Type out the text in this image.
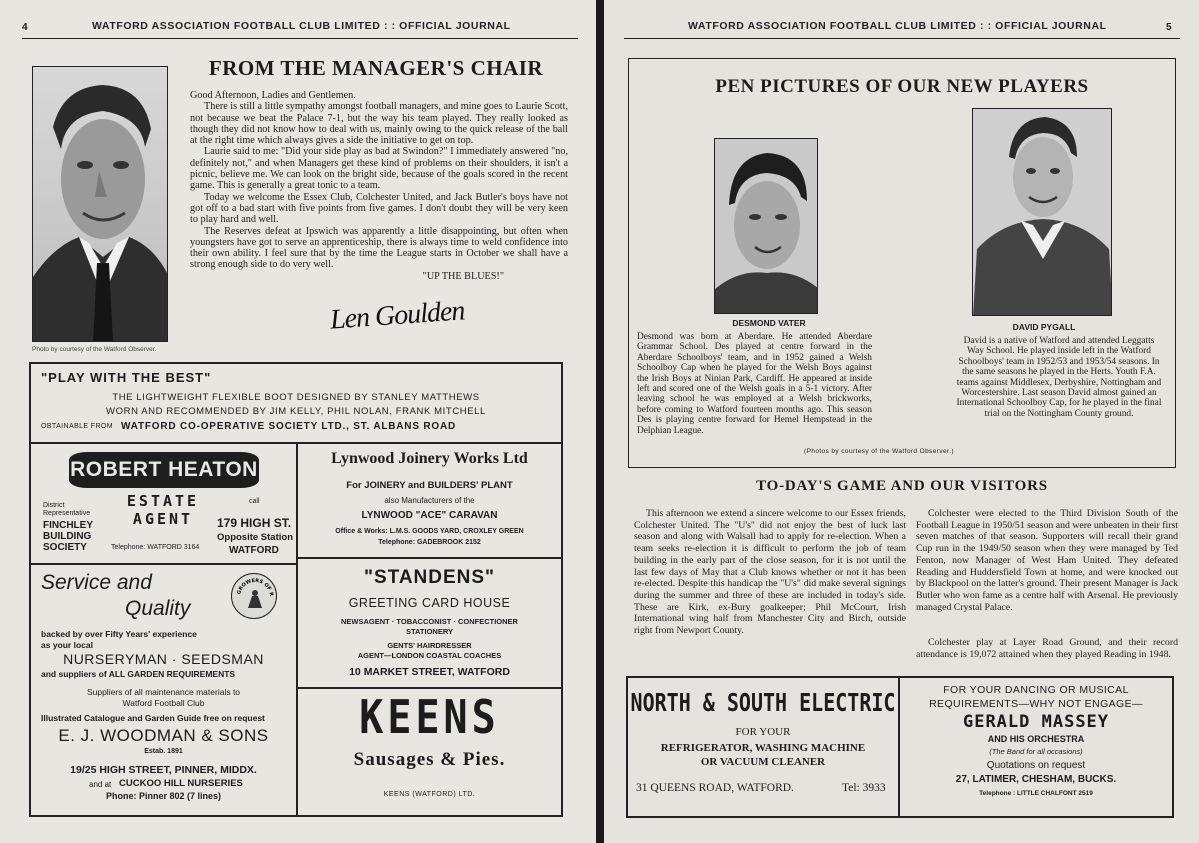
4	WATFORD ASSOCIATION FOOTBALL CLUB LIMITED : : OFFICIAL JOURNAL
Photo by courtesy of the Watford Observer.
FROM THE MANAGER'S CHAIR
Good Afternoon, Ladies and Gentlemen.

There is still a little sympathy amongst football managers, and mine goes to Laurie Scott, not because we beat the Palace 7-1, but the way his team played. They really looked as though they did not know how to deal with us, mainly owing to the quick release of the ball at the right time which always gives a side the initiative to get on top.

Laurie said to me: "Did your side play as bad at Swindon?" I immediately answered "no, definitely not," and when Managers get these kind of problems on their shoulders, it isn't a picnic, believe me. We can look on the bright side, because of the goals scored in the recent game. This is generally a great tonic to a team.

Today we welcome the Essex Club, Colchester United, and Jack Butler's boys have not got off to a bad start with five points from five games. I don't doubt they will be very keen to play hard and well.

The Reserves defeat at Ipswich was apparently a little disappointing, but often when youngsters have got to serve an apprenticeship, there is always time to weld confidence into their own ability. I feel sure that by the time the League starts in October we shall have a strong enough side to do very well.

"UP THE BLUES!"
Len Goulden
"PLAY WITH THE BEST"
THE LIGHTWEIGHT FLEXIBLE BOOT DESIGNED BY STANLEY MATTHEWS
WORN AND RECOMMENDED BY JIM KELLY, PHIL NOLAN, FRANK MITCHELL
OBTAINABLE FROM WATFORD CO-OPERATIVE SOCIETY LTD., ST. ALBANS ROAD
ROBERT HEATON
ESTATE
AGENT
District
Representative
FINCHLEY
BUILDING
SOCIETY
call
179 HIGH ST.
Opposite Station
WATFORD
Telephone: WATFORD 3164
Lynwood Joinery Works Ltd
For JOINERY and BUILDERS' PLANT
also Manufacturers of the
LYNWOOD "ACE" CARAVAN
Office & Works: L.M.S. GOODS YARD, CROXLEY GREEN
Telephone: GADEBROOK 2152
Service and
Quality
GROWERS OF R
backed by over Fifty Years' experience
as your local
NURSERYMAN · SEEDSMAN
and suppliers of ALL GARDEN REQUIREMENTS
Suppliers of all maintenance materials to
Watford Football Club
Illustrated Catalogue and Garden Guide free on request
E. J. WOODMAN & SONS
Estab. 1891
19/25 HIGH STREET, PINNER, MIDDX.
and at CUCKOO HILL NURSERIES
Phone: Pinner 802 (7 lines)
"STANDENS"
GREETING CARD HOUSE
NEWSAGENT · TOBACCONIST · CONFECTIONER
STATIONERY
GENTS' HAIRDRESSER
AGENT—LONDON COASTAL COACHES
10 MARKET STREET, WATFORD
KEENS
Sausages & Pies.
KEENS (WATFORD) LTD.
WATFORD ASSOCIATION FOOTBALL CLUB LIMITED : : OFFICIAL JOURNAL	5
PEN PICTURES OF OUR NEW PLAYERS
DESMOND VATER	DAVID PYGALL
Desmond was born at Aberdare. He attended Aberdare Grammar School. Des played at centre forward in the Aberdare Schoolboys' team, and in 1952 gained a Welsh Schoolboy Cap when he played for the Welsh Boys against the Irish Boys at Ninian Park, Cardiff. He appeared at inside left and scored one of the Welsh goals in a 5-1 victory. After leaving school he was employed at a Welsh brickworks, before coming to Watford fourteen months ago. This season Des is playing centre forward for Hemel Hempstead in the Delphian League.
David is a native of Watford and attended Leggatts Way School. He played inside left in the Watford Schoolboys' team in 1952/53 and 1953/54 seasons. In the same seasons he played in the Herts. Youth F.A. teams against Middlesex, Derbyshire, Nottingham and Worcestershire. Last season David almost gained an International Schoolboy Cap, for he played in the final trial on the Nottingham County ground.
(Photos by courtesy of the Watford Observer.)
TO-DAY'S GAME AND OUR VISITORS
This afternoon we extend a sincere welcome to our Essex friends, Colchester United. The "U's" did not enjoy the best of luck last season and along with Walsall had to apply for re-election. When a team seeks re-election it is difficult to perform the job of team building in the early part of the close season, for it is not until the last few days of May that a Club knows whether or not it has been re-elected. Despite this handicap the "U's" did make several signings during the summer and three of these are included in today's side. These are Kirk, ex-Bury goalkeeper; Phil McCourt, Irish International wing half from Manchester City and Birch, outside right from Newport County.
Colchester were elected to the Third Division South of the Football League in 1950/51 season and were unbeaten in their first seven matches of that season. Supporters will recall their grand Cup run in the 1949/50 season when they were managed by Ted Fenton, now Manager of West Ham United. They defeated Reading and Huddersfield Town at home, and were knocked out by Blackpool on the latter's ground. Their present Manager is Jack Butler who won fame as a centre half with Arsenal. He previously managed Crystal Palace.
Colchester play at Layer Road Ground, and their record attendance is 19,072 attained when they played Reading in 1948.
NORTH & SOUTH ELECTRIC
FOR YOUR
REFRIGERATOR, WASHING MACHINE
OR VACUUM CLEANER
31 QUEENS ROAD, WATFORD.	Tel: 3933
FOR YOUR DANCING OR MUSICAL
REQUIREMENTS—WHY NOT ENGAGE—
GERALD MASSEY
AND HIS ORCHESTRA
(The Band for all occasions)
Quotations on request
27, LATIMER, CHESHAM, BUCKS.
Telephone : LITTLE CHALFONT 2519
